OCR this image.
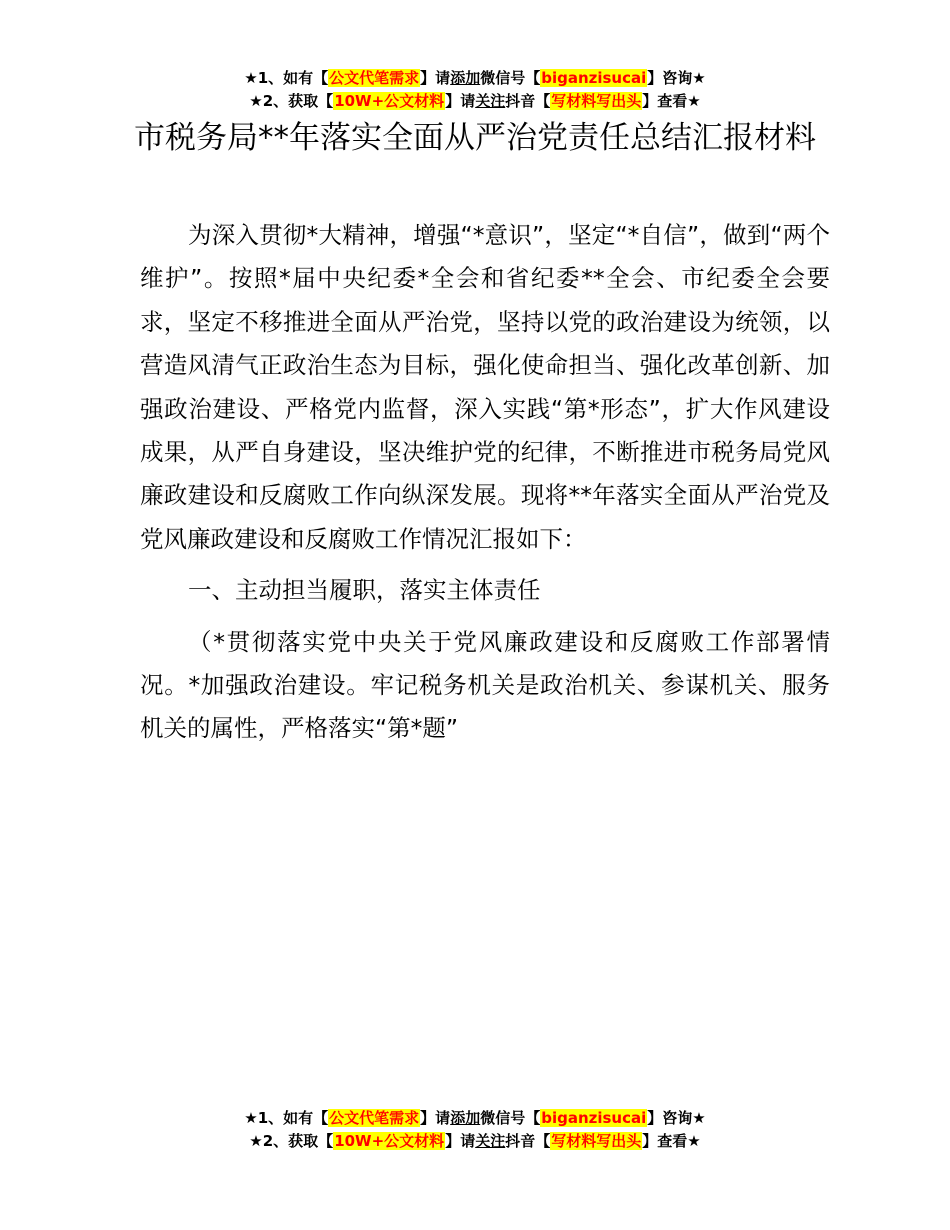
★1、如有【公文代笔需求】请添加微信号【biganzisucai】咨询★
★2、获取【10W+公文材料】请关注抖音【写材料写出头】查看★
市税务局**年落实全面从严治党责任总结汇报材料

为深入贯彻*大精神，增强“*意识”，坚定“*自信”，做到“两个维护”。按照*届中央纪委*全会和省纪委**全会、市纪委全会要求，坚定不移推进全面从严治党，坚持以党的政治建设为统领，以营造风清气正政治生态为目标，强化使命担当、强化改革创新、加强政治建设、严格党内监督，深入实践“第*形态”，扩大作风建设成果，从严自身建设，坚决维护党的纪律，不断推进市税务局党风廉政建设和反腐败工作向纵深发展。现将**年落实全面从严治党及党风廉政建设和反腐败工作情况汇报如下：

一、主动担当履职，落实主体责任

（*贯彻落实党中央关于党风廉政建设和反腐败工作部署情况。*加强政治建设。牢记税务机关是政治机关、参谋机关、服务机关的属性，严格落实“第*题”

★1、如有【公文代笔需求】请添加微信号【biganzisucai】咨询★
★2、获取【10W+公文材料】请关注抖音【写材料写出头】查看★
